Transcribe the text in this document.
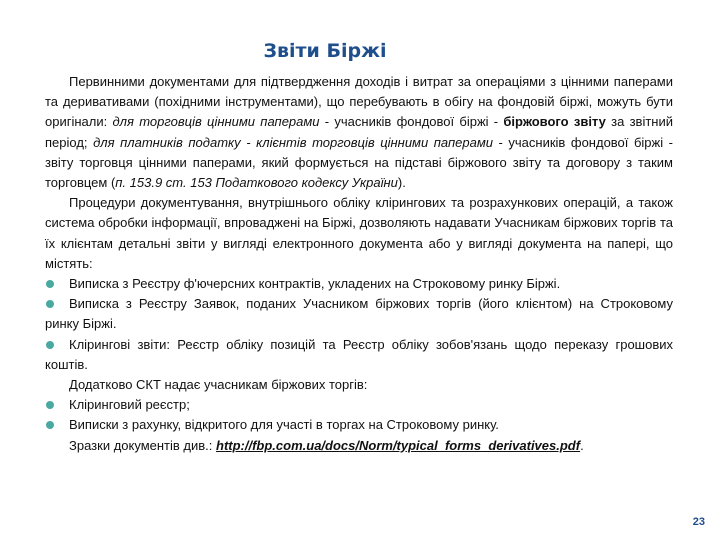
Звіти Біржі

Первинними документами для підтвердження доходів і витрат за операціями з цінними паперами та деривативами (похідними інструментами), що перебувають в обігу на фондовій біржі, можуть бути оригінали: для торговців цінними паперами - учасників фондової біржі - біржового звіту за звітний період; для платників податку - клієнтів торговців цінними паперами - учасників фондової біржі - звіту торговця цінними паперами, який формується на підставі біржового звіту та договору з таким торговцем (п. 153.9 ст. 153 Податкового кодексу України).

Процедури документування, внутрішнього обліку клірингових та розрахункових операцій, а також система обробки інформації, впроваджені на Біржі, дозволяють надавати Учасникам біржових торгів та їх клієнтам детальні звіти у вигляді електронного документа або у вигляді документа на папері, що містять:

Виписка з Реєстру ф'ючерсних контрактів, укладених на Строковому ринку Біржі.

Виписка з Реєстру Заявок, поданих Учасником біржових торгів (його клієнтом) на Строковому ринку Біржі.

Клірингові звіти: Реєстр обліку позицій та Реєстр обліку зобов'язань щодо переказу грошових коштів.

Додатково СКТ надає учасникам біржових торгів:

Кліринговий реєстр;

Виписки з рахунку, відкритого для участі в торгах на Строковому ринку.

Зразки документів див.: http://fbp.com.ua/docs/Norm/typical_forms_derivatives.pdf.

23
